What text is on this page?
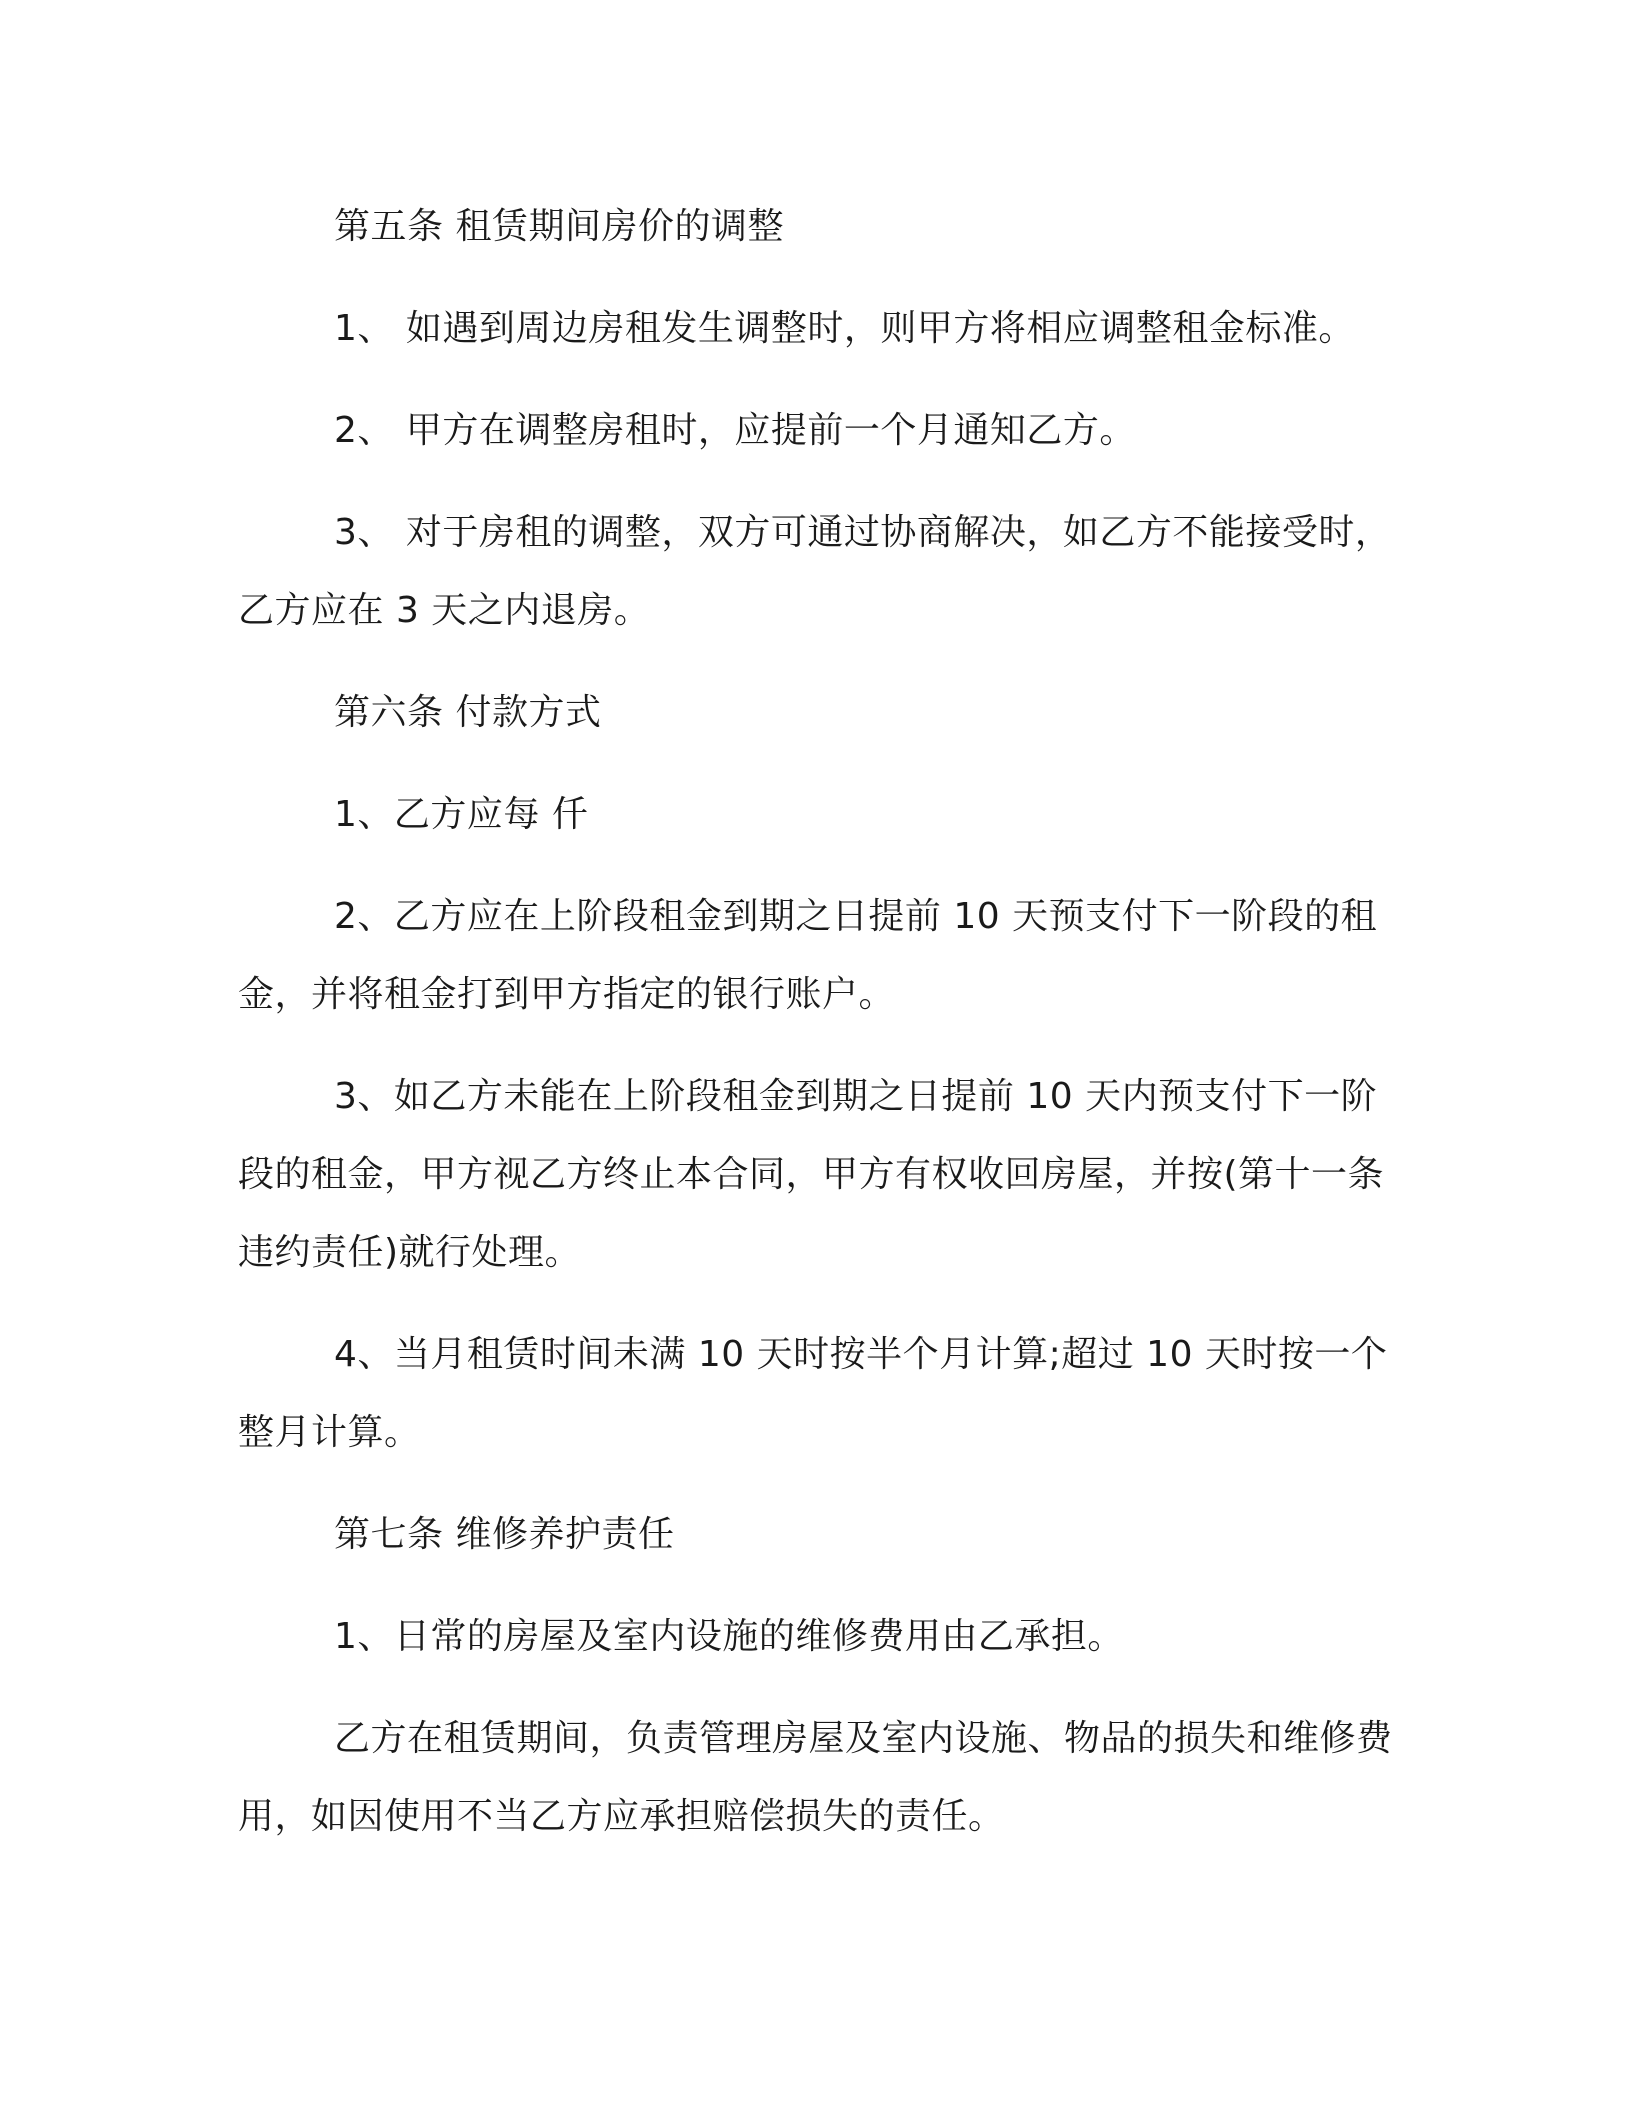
第五条 租赁期间房价的调整

1、 如遇到周边房租发生调整时，则甲方将相应调整租金标准。

2、 甲方在调整房租时，应提前一个月通知乙方。

3、 对于房租的调整，双方可通过协商解决，如乙方不能接受时，乙方应在 3 天之内退房。

第六条 付款方式

1、乙方应每 仟

2、乙方应在上阶段租金到期之日提前 10 天预支付下一阶段的租金，并将租金打到甲方指定的银行账户。

3、如乙方未能在上阶段租金到期之日提前 10 天内预支付下一阶段的租金，甲方视乙方终止本合同，甲方有权收回房屋，并按(第十一条 违约责任)就行处理。

4、当月租赁时间未满 10 天时按半个月计算;超过 10 天时按一个整月计算。

第七条 维修养护责任

1、日常的房屋及室内设施的维修费用由乙承担。

乙方在租赁期间，负责管理房屋及室内设施、物品的损失和维修费用，如因使用不当乙方应承担赔偿损失的责任。
